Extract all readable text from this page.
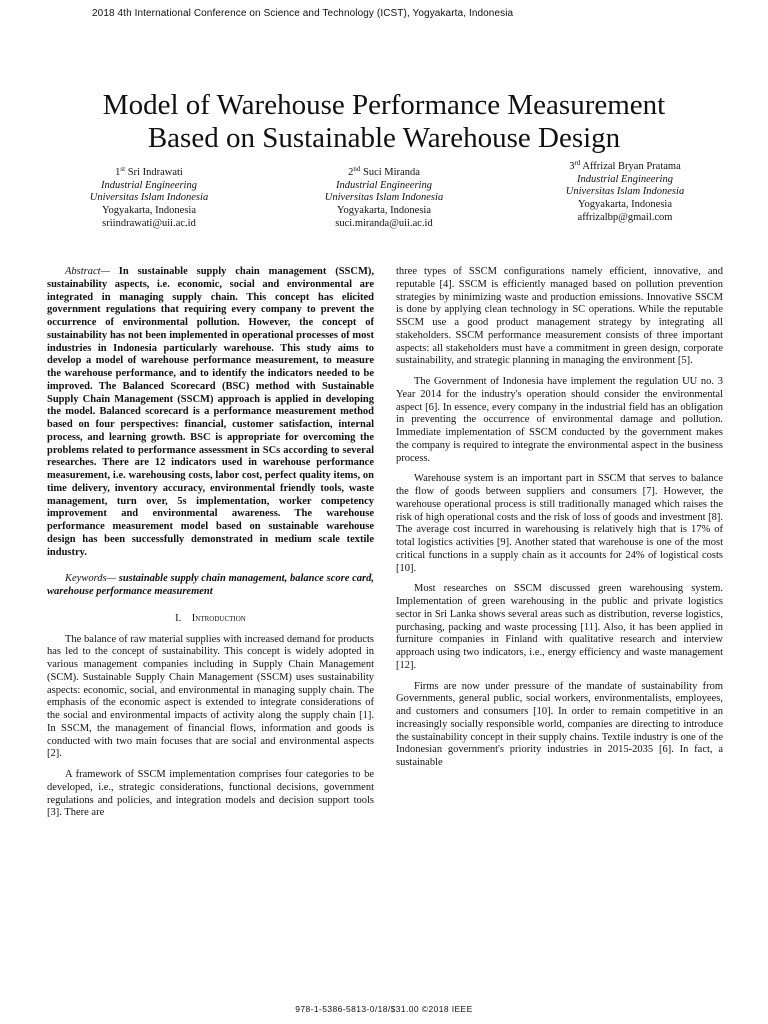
2018 4th International Conference on Science and Technology (ICST), Yogyakarta, Indonesia
Model of Warehouse Performance Measurement
Based on Sustainable Warehouse Design
1st Sri Indrawati
Industrial Engineering
Universitas Islam Indonesia
Yogyakarta, Indonesia
sriindrawati@uii.ac.id
2nd Suci Miranda
Industrial Engineering
Universitas Islam Indonesia
Yogyakarta, Indonesia
suci.miranda@uii.ac.id
3rd Affrizal Bryan Pratama
Industrial Engineering
Universitas Islam Indonesia
Yogyakarta, Indonesia
affrizalbp@gmail.com

Abstract— In sustainable supply chain management (SSCM), sustainability aspects, i.e. economic, social and environmental are integrated in managing supply chain. This concept has elicited government regulations that requiring every company to prevent the occurrence of environmental pollution. However, the concept of sustainability has not been implemented in operational processes of most industries in Indonesia particularly warehouse. This study aims to develop a model of warehouse performance measurement, to measure the warehouse performance, and to identify the indicators needed to be improved. The Balanced Scorecard (BSC) method with Sustainable Supply Chain Management (SSCM) approach is applied in developing the model. Balanced scorecard is a performance measurement method based on four perspectives: financial, customer satisfaction, internal process, and learning growth. BSC is appropriate for overcoming the problems related to performance assessment in SCs according to several researches. There are 12 indicators used in warehouse performance measurement, i.e. warehousing costs, labor cost, perfect quality items, on time delivery, inventory accuracy, environmental friendly tools, waste management, turn over, 5s implementation, worker competency improvement and environmental awareness. The warehouse performance measurement model based on sustainable warehouse design has been successfully demonstrated in medium scale textile industry.

Keywords— sustainable supply chain management, balance score card, warehouse performance measurement

I. Introduction

The balance of raw material supplies with increased demand for products has led to the concept of sustainability. This concept is widely adopted in various management companies including in Supply Chain Management (SCM). Sustainable Supply Chain Management (SSCM) uses sustainability aspects: economic, social, and environmental in managing supply chain. The emphasis of the economic aspect is extended to integrate considerations of the social and environmental impacts of activity along the supply chain [1]. In SSCM, the management of financial flows, information and goods is conducted with two main focuses that are social and environmental aspects [2].

A framework of SSCM implementation comprises four categories to be developed, i.e., strategic considerations, functional decisions, government regulations and policies, and integration models and decision support tools [3]. There are

three types of SSCM configurations namely efficient, innovative, and reputable [4]. SSCM is efficiently managed based on pollution prevention strategies by minimizing waste and production emissions. Innovative SSCM is done by applying clean technology in SC operations. While the reputable SSCM use a good product management strategy by integrating all stakeholders. SSCM performance measurement consists of three important aspects: all stakeholders must have a commitment in green design, corporate sustainability, and strategic planning in managing the environment [5].

The Government of Indonesia have implement the regulation UU no. 3 Year 2014 for the industry's operation should consider the environmental aspect [6]. In essence, every company in the industrial field has an obligation in preventing the occurrence of environmental damage and pollution. Immediate implementation of SSCM conducted by the government makes the company is required to integrate the environmental aspect in the business process.

Warehouse system is an important part in SSCM that serves to balance the flow of goods between suppliers and consumers [7]. However, the warehouse operational process is still traditionally managed which raises the risk of high operational costs and the risk of loss of goods and investment [8]. The average cost incurred in warehousing is relatively high that is 17% of total logistics activities [9]. Another stated that warehouse is one of the most critical functions in a supply chain as it accounts for 24% of logistical costs [10].

Most researches on SSCM discussed green warehousing system. Implementation of green warehousing in the public and private logistics sector in Sri Lanka shows several areas such as distribution, reverse logistics, purchasing, packing and waste processing [11]. Also, it has been applied in furniture companies in Finland with qualitative research and interview approach using two indicators, i.e., energy efficiency and waste management [12].

Firms are now under pressure of the mandate of sustainability from Governments, general public, social workers, environmentalists, employees, and customers and consumers [10]. In order to remain competitive in an increasingly socially responsible world, companies are directing to introduce the sustainability concept in their supply chains. Textile industry is one of the Indonesian government's priority industries in 2015-2035 [6]. In fact, a sustainable

978-1-5386-5813-0/18/$31.00 ©2018 IEEE
